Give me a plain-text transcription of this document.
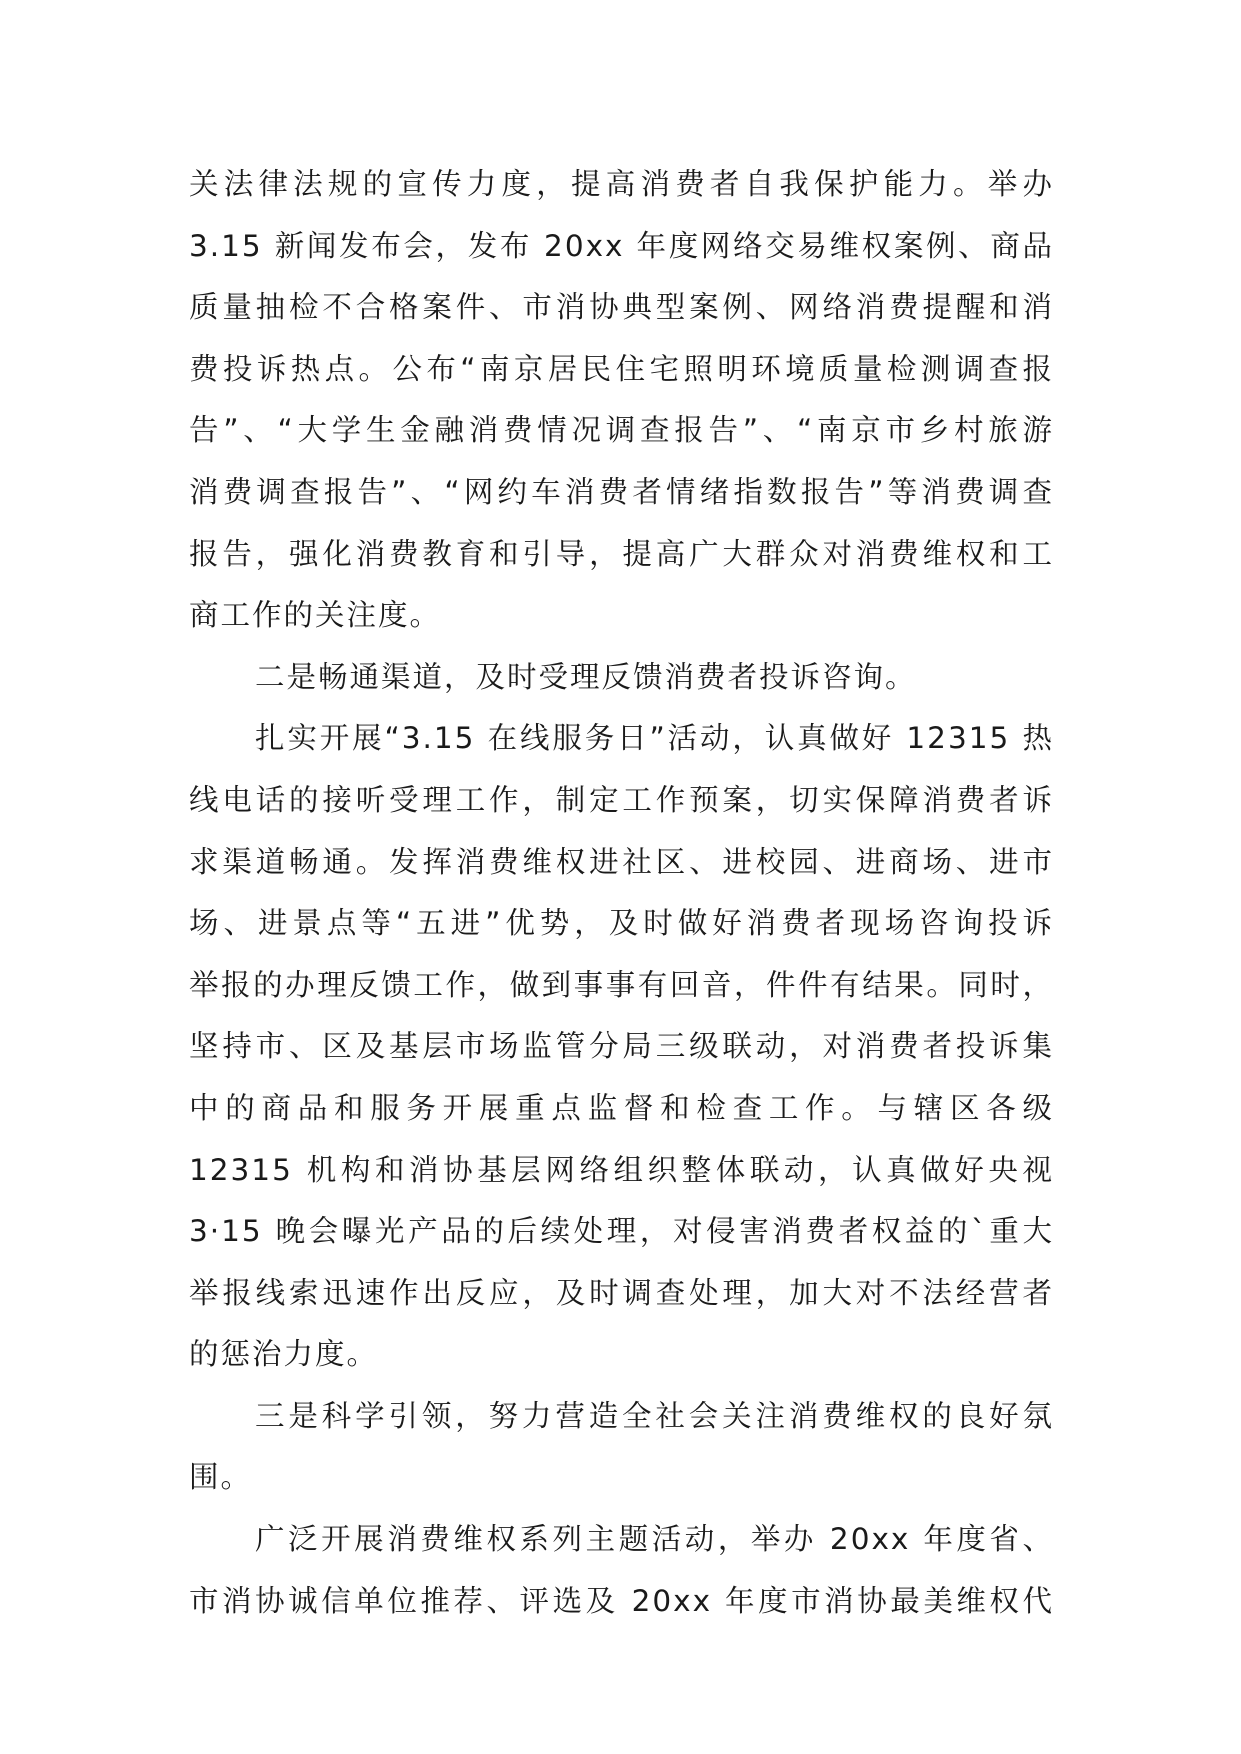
关法律法规的宣传力度，提高消费者自我保护能力。举办
3.15 新闻发布会，发布 20xx 年度网络交易维权案例、商品
质量抽检不合格案件、市消协典型案例、网络消费提醒和消
费投诉热点。公布“南京居民住宅照明环境质量检测调查报
告”、“大学生金融消费情况调查报告”、“南京市乡村旅游
消费调查报告”、“网约车消费者情绪指数报告”等消费调查
报告，强化消费教育和引导，提高广大群众对消费维权和工
商工作的关注度。
二是畅通渠道，及时受理反馈消费者投诉咨询。
扎实开展“3.15 在线服务日”活动，认真做好 12315 热
线电话的接听受理工作，制定工作预案，切实保障消费者诉
求渠道畅通。发挥消费维权进社区、进校园、进商场、进市
场、进景点等“五进”优势，及时做好消费者现场咨询投诉
举报的办理反馈工作，做到事事有回音，件件有结果。同时，
坚持市、区及基层市场监管分局三级联动，对消费者投诉集
中的商品和服务开展重点监督和检查工作。与辖区各级
12315 机构和消协基层网络组织整体联动，认真做好央视
3·15 晚会曝光产品的后续处理，对侵害消费者权益的`重大
举报线索迅速作出反应，及时调查处理，加大对不法经营者
的惩治力度。
三是科学引领，努力营造全社会关注消费维权的良好氛
围。
广泛开展消费维权系列主题活动，举办 20xx 年度省、
市消协诚信单位推荐、评选及 20xx 年度市消协最美维权代
